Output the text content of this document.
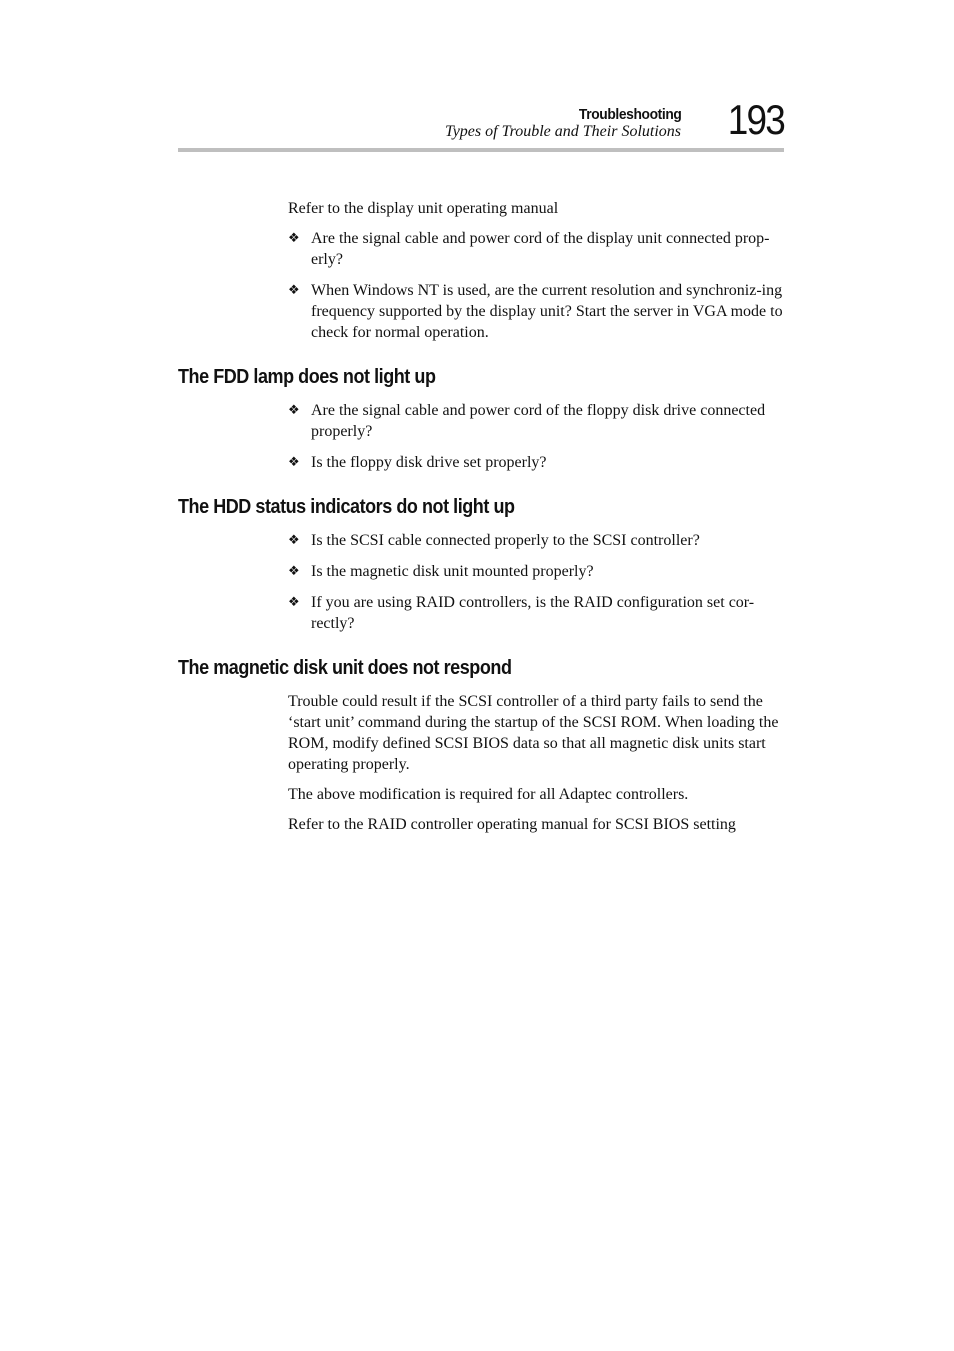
Troubleshooting
Types of Trouble and Their Solutions 193

Refer to the display unit operating manual

❖ Are the signal cable and power cord of the display unit connected prop-erly?
❖ When Windows NT is used, are the current resolution and synchroniz-ing frequency supported by the display unit? Start the server in VGA mode to check for normal operation.
The FDD lamp does not light up
❖ Are the signal cable and power cord of the floppy disk drive connected properly?
❖ Is the floppy disk drive set properly?
The HDD status indicators do not light up
❖ Is the SCSI cable connected properly to the SCSI controller?
❖ Is the magnetic disk unit mounted properly?
❖ If you are using RAID controllers, is the RAID configuration set cor-rectly?
The magnetic disk unit does not respond

Trouble could result if the SCSI controller of a third party fails to send the ‘start unit’ command during the startup of the SCSI ROM. When loading the ROM, modify defined SCSI BIOS data so that all magnetic disk units start operating properly.

The above modification is required for all Adaptec controllers.

Refer to the RAID controller operating manual for SCSI BIOS setting
